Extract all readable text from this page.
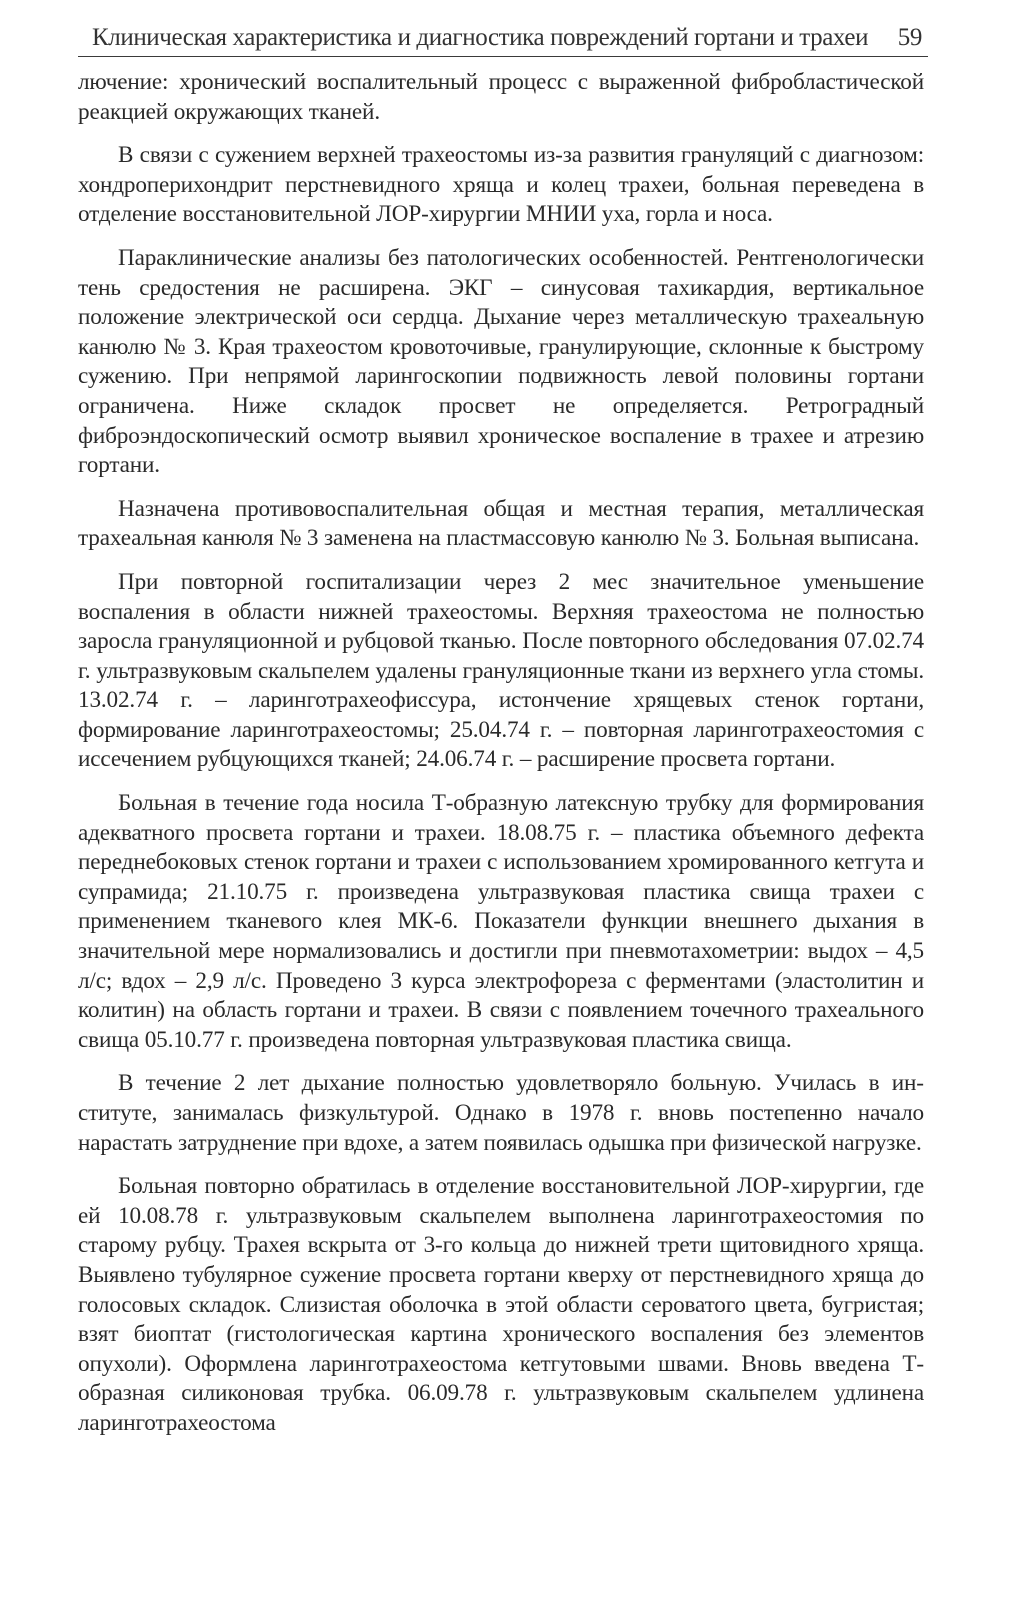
Клиническая характеристика и диагностика повреждений гортани и трахеи 59

лючение: хронический воспалительный процесс с выраженной фибробластической реакцией окружающих тканей.

В связи с сужением верхней трахеостомы из-за развития грануляций с диагнозом: хондроперихондрит перстневидного хряща и колец трахеи, больная переведена в отделение восстановительной ЛОР-хирургии МНИИ уха, горла и носа.

Параклинические анализы без патологических особенностей. Рентгенологически тень средостения не расширена. ЭКГ – синусовая тахикардия, вертикальное положение электрической оси сердца. Дыхание через металлическую трахеальную канюлю № 3. Края трахеостом кровоточивые, гранулирующие, склонные к быстрому сужению. При непрямой ларингоскопии подвижность левой половины гортани ограничена. Ниже складок просвет не определяется. Ретроградный фиброэндоскопический осмотр выявил хроническое воспаление в трахее и атрезию гортани.

Назначена противовоспалительная общая и местная терапия, металлическая трахеальная канюля № 3 заменена на пластмассовую канюлю № 3. Больная выписана.

При повторной госпитализации через 2 мес значительное уменьшение воспаления в области нижней трахеостомы. Верхняя трахеостома не полностью заросла грануляционной и рубцовой тканью. После повторного обследования 07.02.74 г. ультразвуковым скальпелем удалены грануляционные ткани из верхнего угла стомы. 13.02.74 г. – ларинготрахеофиссура, истончение хрящевых стенок гортани, формирование ларинготрахеостомы; 25.04.74 г. – повторная ларинготрахеостомия с иссечением рубцующихся тканей; 24.06.74 г. – расширение просвета гортани.

Больная в течение года носила Т-образную латексную трубку для формирования адекватного просвета гортани и трахеи. 18.08.75 г. – пластика объемного дефекта переднебоковых стенок гортани и трахеи с использованием хромированного кетгута и супрамида; 21.10.75 г. произведена ультразвуковая пластика свища трахеи с применением тканевого клея МК-6. Показатели функции внешнего дыхания в значительной мере нормализовались и достигли при пневмотахометрии: выдох – 4,5 л/с; вдох – 2,9 л/с. Проведено 3 курса электрофореза с ферментами (эластолитин и колитин) на область гортани и трахеи. В связи с появлением точечного трахеального свища 05.10.77 г. произведена повторная ультразвуковая пластика свища.

В течение 2 лет дыхание полностью удовлетворяло больную. Училась в институте, занималась физкультурой. Однако в 1978 г. вновь постепенно начало нарастать затруднение при вдохе, а затем появилась одышка при физической нагрузке.

Больная повторно обратилась в отделение восстановительной ЛОР-хирургии, где ей 10.08.78 г. ультразвуковым скальпелем выполнена ларинготрахеостомия по старому рубцу. Трахея вскрыта от 3-го кольца до нижней трети щитовидного хряща. Выявлено тубулярное сужение просвета гортани кверху от перстневидного хряща до голосовых складок. Слизистая оболочка в этой области сероватого цвета, бугристая; взят биоптат (гистологическая картина хронического воспаления без элементов опухоли). Оформлена ларинготрахеостома кетгутовыми швами. Вновь введена Т-образная силиконовая трубка. 06.09.78 г. ультразвуковым скальпелем удлинена ларинготрахеостома
